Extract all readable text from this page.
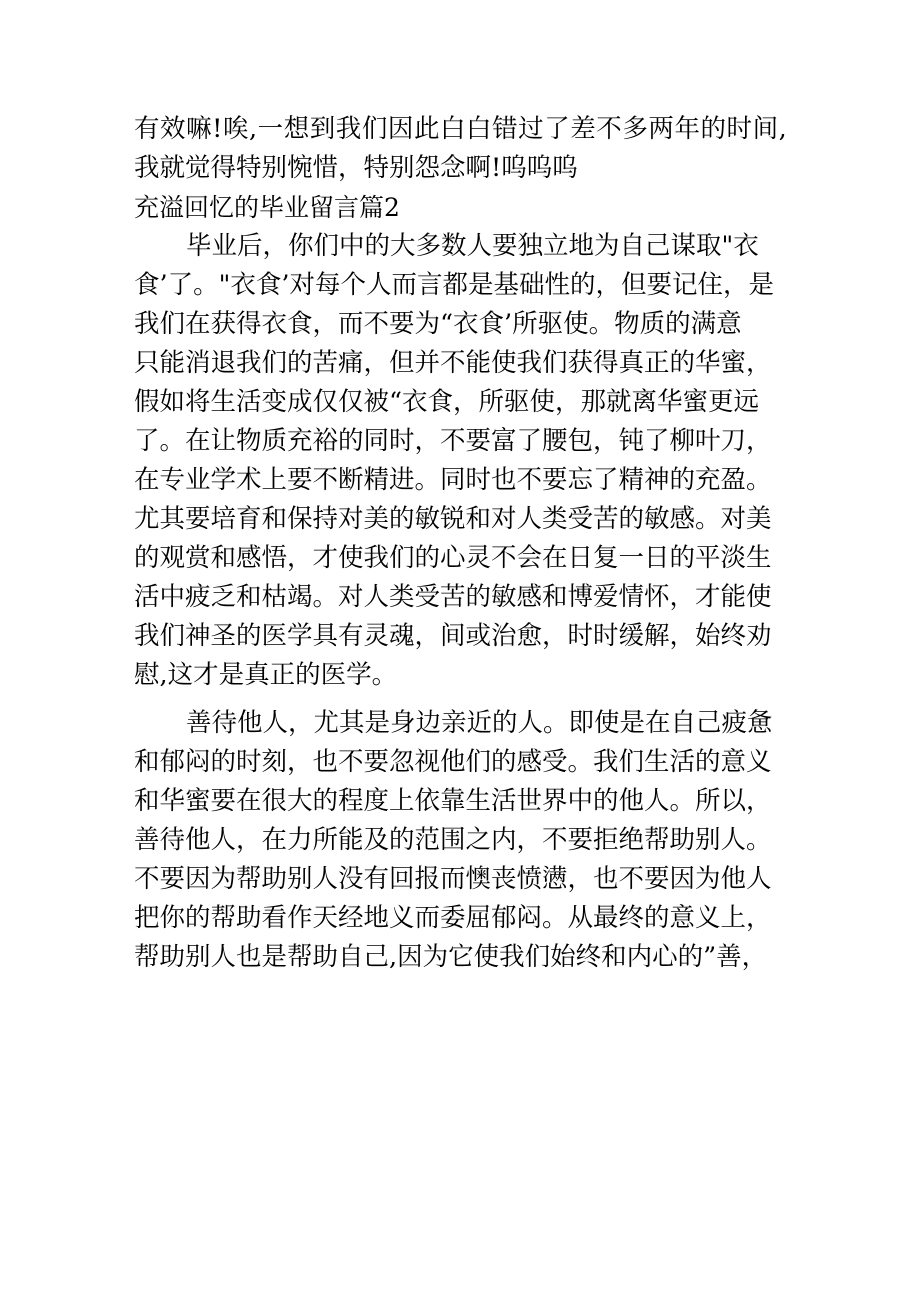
有效嘛!唉,一想到我们因此白白错过了差不多两年的时间,
我就觉得特别惋惜，特别怨念啊!呜呜呜
充溢回忆的毕业留言篇2
毕业后，你们中的大多数人要独立地为自己谋取"衣
食’了。"衣食’对每个人而言都是基础性的，但要记住，是
我们在获得衣食，而不要为“衣食’所驱使。物质的满意
只能消退我们的苦痛，但并不能使我们获得真正的华蜜，
假如将生活变成仅仅被“衣食，所驱使，那就离华蜜更远
了。在让物质充裕的同时，不要富了腰包，钝了柳叶刀，
在专业学术上要不断精进。同时也不要忘了精神的充盈。
尤其要培育和保持对美的敏锐和对人类受苦的敏感。对美
的观赏和感悟，才使我们的心灵不会在日复一日的平淡生
活中疲乏和枯竭。对人类受苦的敏感和博爱情怀，才能使
我们神圣的医学具有灵魂，间或治愈，时时缓解，始终劝
慰,这才是真正的医学。
善待他人，尤其是身边亲近的人。即使是在自己疲惫
和郁闷的时刻，也不要忽视他们的感受。我们生活的意义
和华蜜要在很大的程度上依靠生活世界中的他人。所以，
善待他人，在力所能及的范围之内，不要拒绝帮助别人。
不要因为帮助别人没有回报而懊丧愤懑，也不要因为他人
把你的帮助看作天经地义而委屈郁闷。从最终的意义上，
帮助别人也是帮助自己,因为它使我们始终和内心的”善，
